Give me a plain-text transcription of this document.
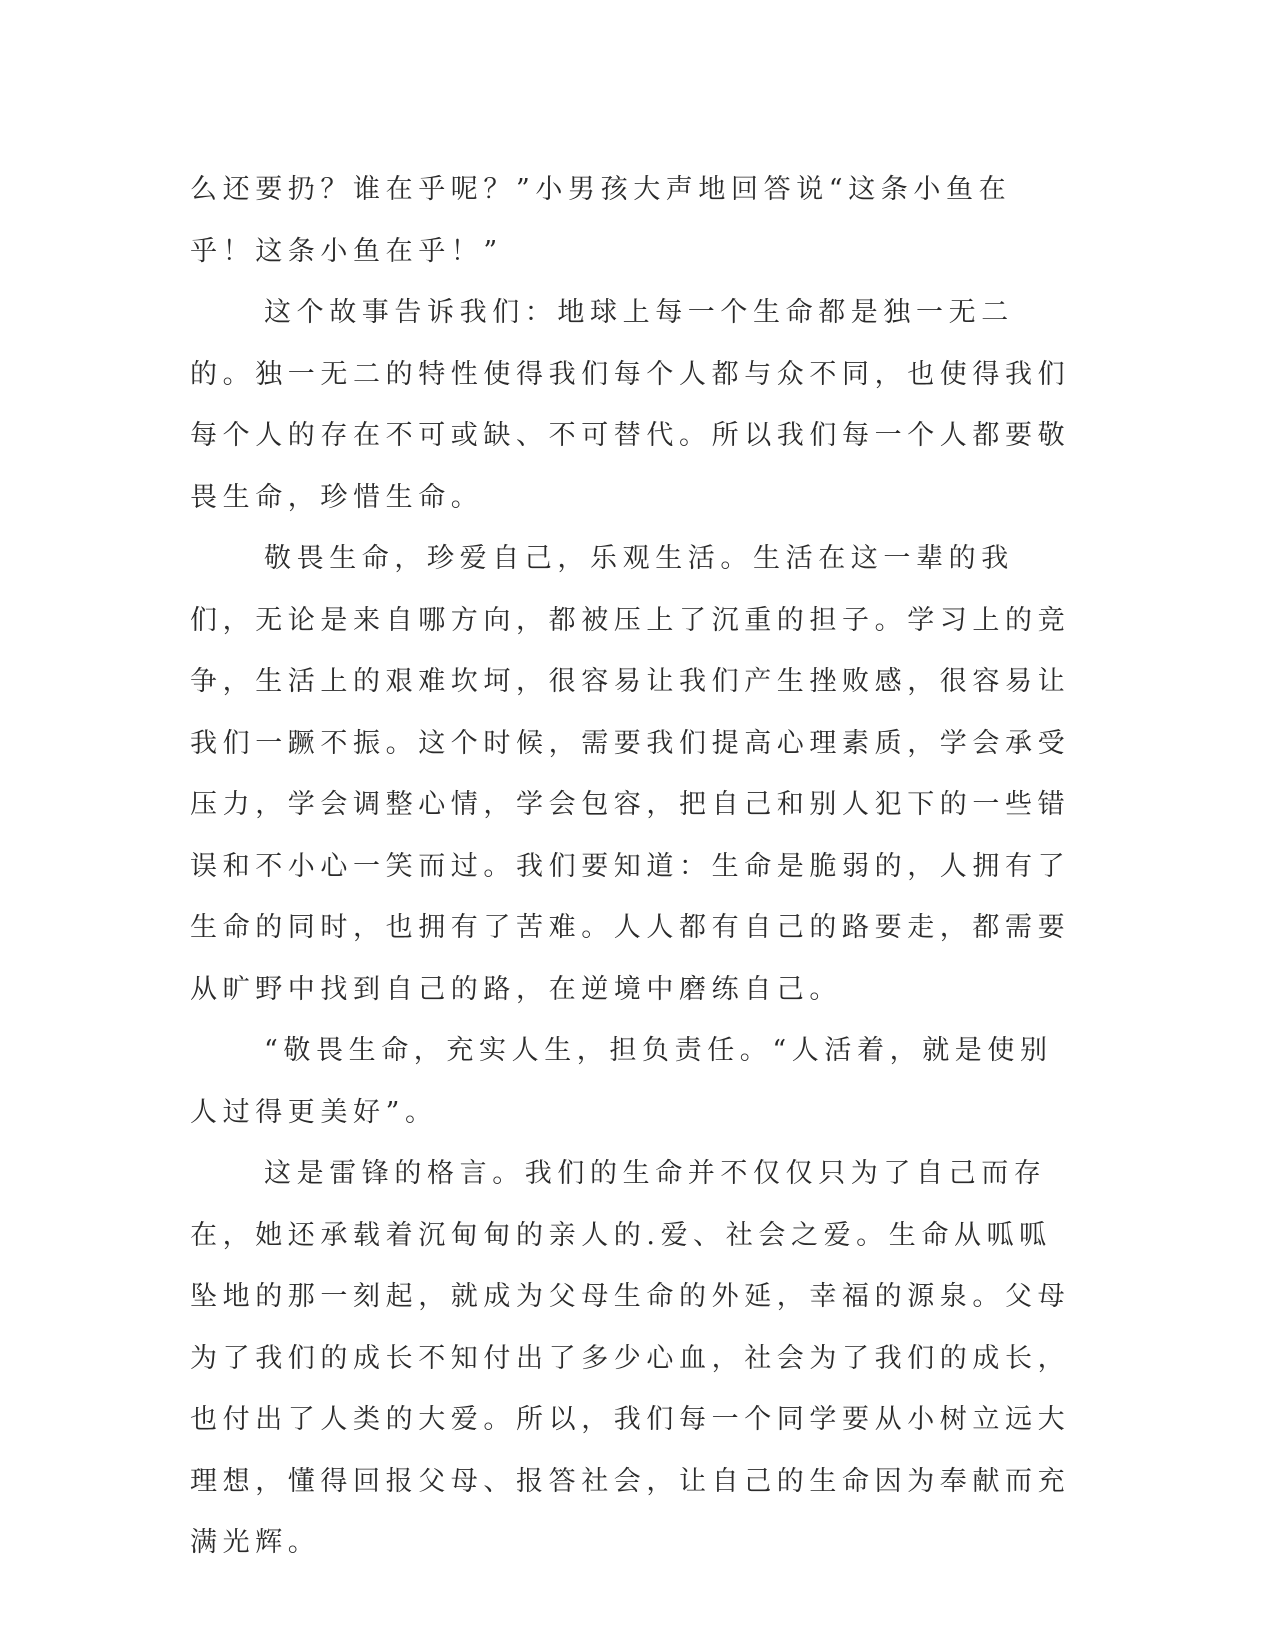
么还要扔？谁在乎呢？”小男孩大声地回答说“这条小鱼在乎！这条小鱼在乎！”

这个故事告诉我们：地球上每一个生命都是独一无二的。独一无二的特性使得我们每个人都与众不同，也使得我们每个人的存在不可或缺、不可替代。所以我们每一个人都要敬畏生命，珍惜生命。

敬畏生命，珍爱自己，乐观生活。生活在这一辈的我们，无论是来自哪方向，都被压上了沉重的担子。学习上的竞争，生活上的艰难坎坷，很容易让我们产生挫败感，很容易让我们一蹶不振。这个时候，需要我们提高心理素质，学会承受压力，学会调整心情，学会包容，把自己和别人犯下的一些错误和不小心一笑而过。我们要知道：生命是脆弱的，人拥有了生命的同时，也拥有了苦难。人人都有自己的路要走，都需要从旷野中找到自己的路，在逆境中磨练自己。

“敬畏生命，充实人生，担负责任。“人活着，就是使别人过得更美好”。

这是雷锋的格言。我们的生命并不仅仅只为了自己而存在，她还承载着沉甸甸的亲人的.爱、社会之爱。生命从呱呱坠地的那一刻起，就成为父母生命的外延，幸福的源泉。父母为了我们的成长不知付出了多少心血，社会为了我们的成长，也付出了人类的大爱。所以，我们每一个同学要从小树立远大理想，懂得回报父母、报答社会，让自己的生命因为奉献而充满光辉。
